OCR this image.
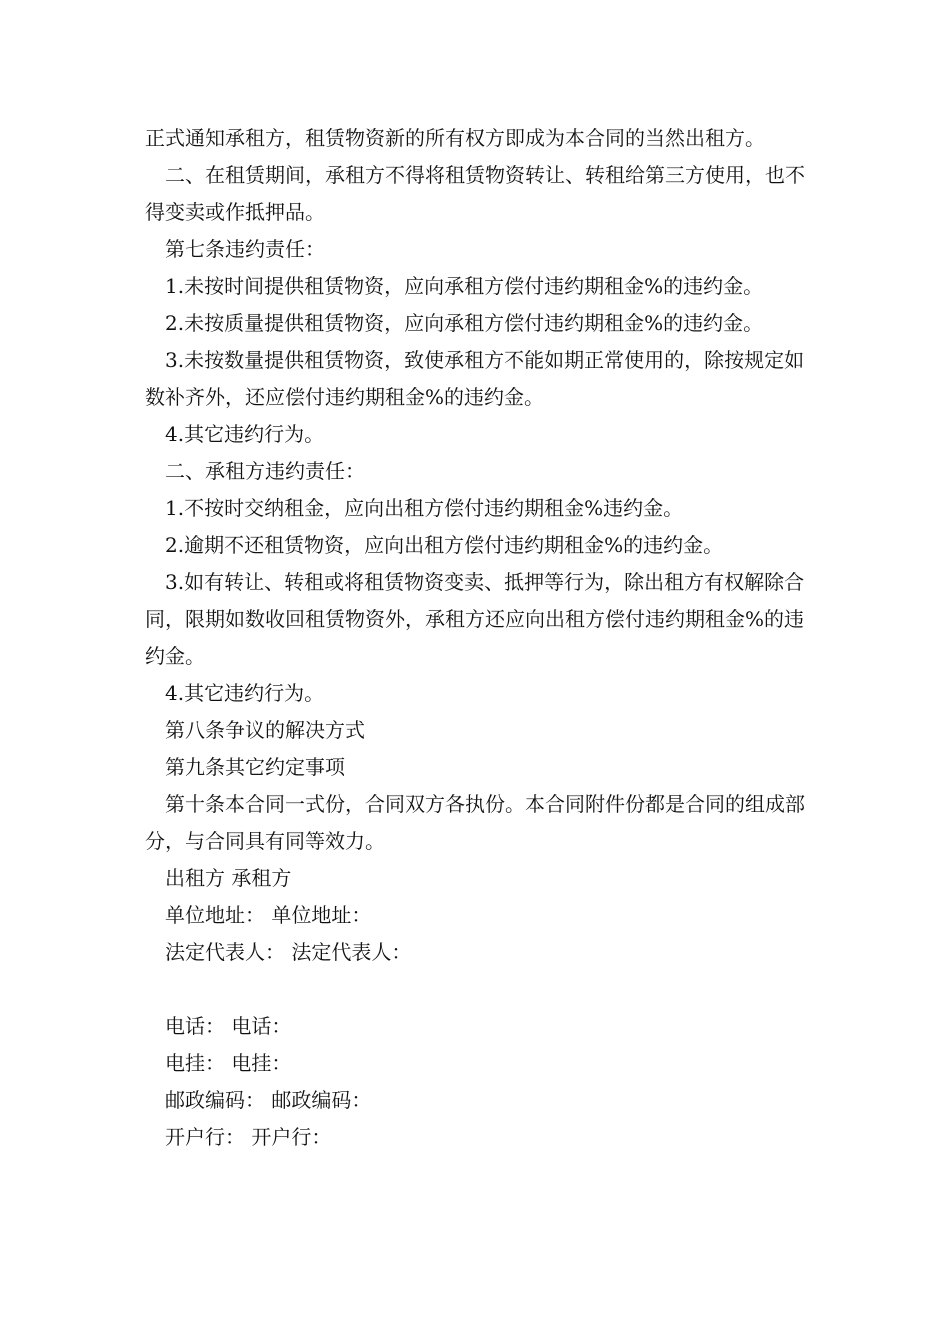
正式通知承租方，租赁物资新的所有权方即成为本合同的当然出租方。

二、在租赁期间，承租方不得将租赁物资转让、转租给第三方使用，也不得变卖或作抵押品。

第七条违约责任：

1.未按时间提供租赁物资，应向承租方偿付违约期租金%的违约金。

2.未按质量提供租赁物资，应向承租方偿付违约期租金%的违约金。

3.未按数量提供租赁物资，致使承租方不能如期正常使用的，除按规定如数补齐外，还应偿付违约期租金%的违约金。

4.其它违约行为。

二、承租方违约责任：

1.不按时交纳租金，应向出租方偿付违约期租金%违约金。

2.逾期不还租赁物资，应向出租方偿付违约期租金%的违约金。

3.如有转让、转租或将租赁物资变卖、抵押等行为，除出租方有权解除合同，限期如数收回租赁物资外，承租方还应向出租方偿付违约期租金%的违约金。

4.其它违约行为。

第八条争议的解决方式

第九条其它约定事项

第十条本合同一式份，合同双方各执份。本合同附件份都是合同的组成部分，与合同具有同等效力。

出租方 承租方

单位地址： 单位地址：

法定代表人： 法定代表人：

电话： 电话：

电挂： 电挂：

邮政编码： 邮政编码：

开户行： 开户行：
